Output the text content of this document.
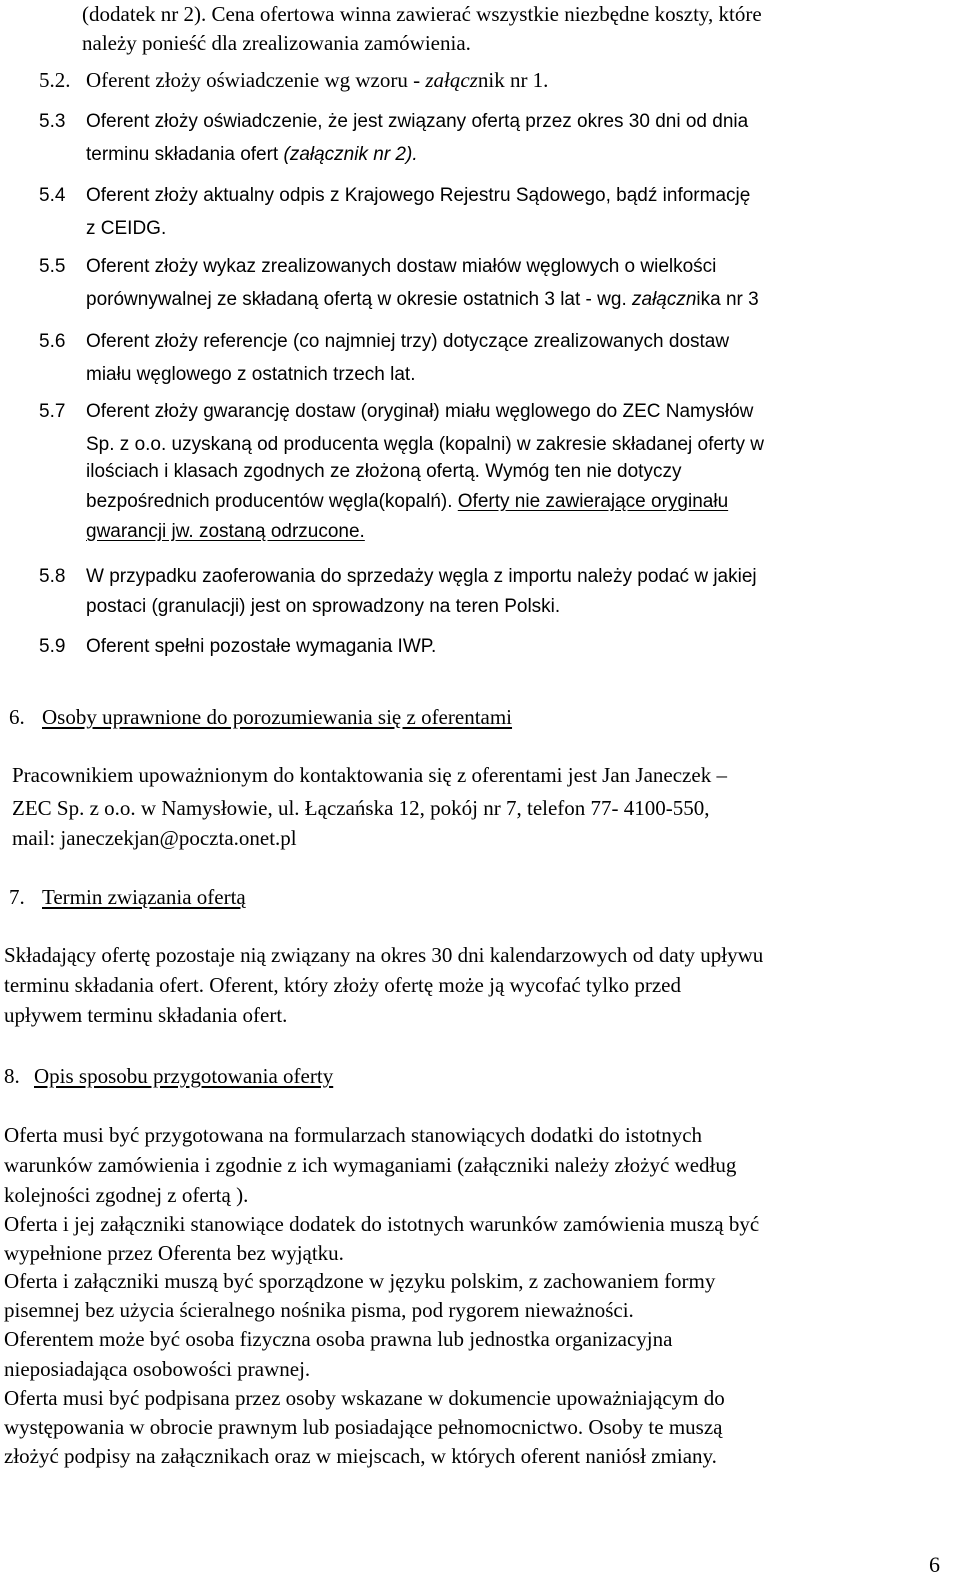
(dodatek nr 2). Cena ofertowa winna zawierać wszystkie niezbędne koszty, które
należy ponieść dla zrealizowania zamówienia.
5.2. Oferent złoży oświadczenie wg wzoru - załącznik nr 1.
5.3 Oferent złoży oświadczenie, że jest związany ofertą przez okres 30 dni od dnia
terminu składania ofert (załącznik nr 2).
5.4 Oferent złoży aktualny odpis z Krajowego Rejestru Sądowego, bądź informację
z CEIDG.
5.5 Oferent złoży wykaz zrealizowanych dostaw miałów węglowych o wielkości
porównywalnej ze składaną ofertą w okresie ostatnich 3 lat - wg. załącznika nr 3
5.6 Oferent złoży referencje (co najmniej trzy) dotyczące zrealizowanych dostaw
miału węglowego z ostatnich trzech lat.
5.7 Oferent złoży gwarancję dostaw (oryginał) miału węglowego do ZEC Namysłów
Sp. z o.o. uzyskaną od producenta węgla (kopalni) w zakresie składanej oferty w
ilościach i klasach zgodnych ze złożoną ofertą. Wymóg ten nie dotyczy
bezpośrednich producentów węgla(kopalń). Oferty nie zawierające oryginału
gwarancji jw. zostaną odrzucone.
5.8 W przypadku zaoferowania do sprzedaży węgla z importu należy podać w jakiej
postaci (granulacji) jest on sprowadzony na teren Polski.
5.9 Oferent spełni pozostałe wymagania IWP.
6. Osoby uprawnione do porozumiewania się z oferentami
Pracownikiem upoważnionym do kontaktowania się z oferentami jest Jan Janeczek –
ZEC Sp. z o.o. w Namysłowie, ul. Łączańska 12, pokój nr 7, telefon 77- 4100-550,
mail: janeczekjan@poczta.onet.pl
7. Termin związania ofertą
Składający ofertę pozostaje nią związany na okres 30 dni kalendarzowych od daty upływu
terminu składania ofert. Oferent, który złoży ofertę może ją wycofać tylko przed
upływem terminu składania ofert.
8. Opis sposobu przygotowania oferty
Oferta musi być przygotowana na formularzach stanowiących dodatki do istotnych
warunków zamówienia i zgodnie z ich wymaganiami (załączniki należy złożyć według
kolejności zgodnej z ofertą ).
Oferta i jej załączniki stanowiące dodatek do istotnych warunków zamówienia muszą być
wypełnione przez Oferenta bez wyjątku.
Oferta i załączniki muszą być sporządzone w języku polskim, z zachowaniem formy
pisemnej bez użycia ścieralnego nośnika pisma, pod rygorem nieważności.
Oferentem może być osoba fizyczna osoba prawna lub jednostka organizacyjna
nieposiadająca osobowości prawnej.
Oferta musi być podpisana przez osoby wskazane w dokumencie upoważniającym do
występowania w obrocie prawnym lub posiadające pełnomocnictwo. Osoby te muszą
złożyć podpisy na załącznikach oraz w miejscach, w których oferent naniósł zmiany.
6
